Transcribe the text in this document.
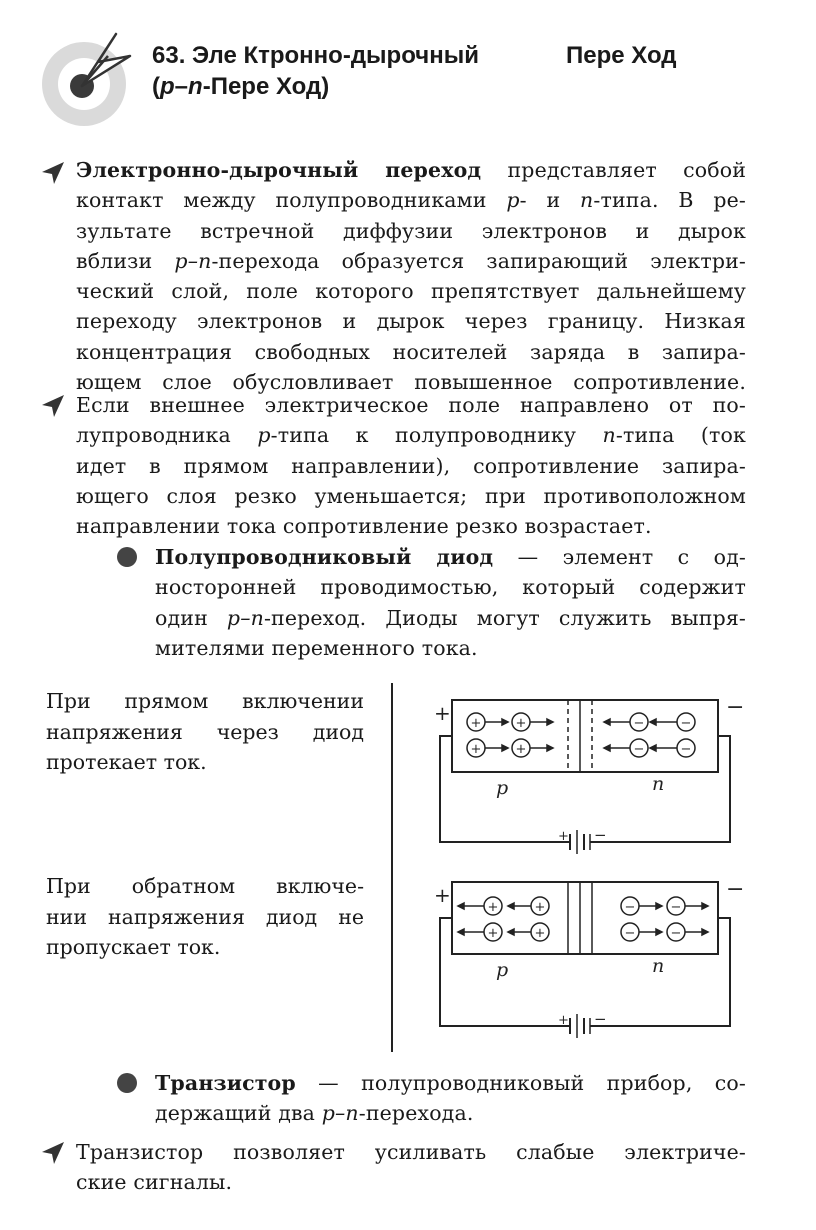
63. Эле Ктронно-дырочный	Пере Ход
(p–n-Пере Ход)
Электронно-дырочный переход представляет собой
контакт между полупроводниками p- и n-типа. В ре-
зультате встречной диффузии электронов и дырок
вблизи p–n-перехода образуется запирающий электри-
ческий слой, поле которого препятствует дальнейшему
переходу электронов и дырок через границу. Низкая
концентрация свободных носителей заряда в запира-
ющем слое обусловливает повышенное сопротивление.
Если внешнее электрическое поле направлено от по-
лупроводника p-типа к полупроводнику n-типа (ток
идет в прямом направлении), сопротивление запира-
ющего слоя резко уменьшается; при противоположном
направлении тока сопротивление резко возрастает.
Полупроводниковый диод — элемент с од-
носторонней проводимостью, который содержит
один p–n-переход. Диоды могут служить выпря-
мителями переменного тока.
При прямом включении
напряжения через диод
протекает ток.
При обратном включе-
нии напряжения диод не
пропускает ток.
+	−
+ −
p	n
+	+
+	+
−	−
−	−
+	−
+ −
p	n
+	+
+	+
−	−
−	−
Транзистор — полупроводниковый прибор, со-
держащий два p–n-перехода.
Транзистор позволяет усиливать слабые электриче-
ские сигналы.
